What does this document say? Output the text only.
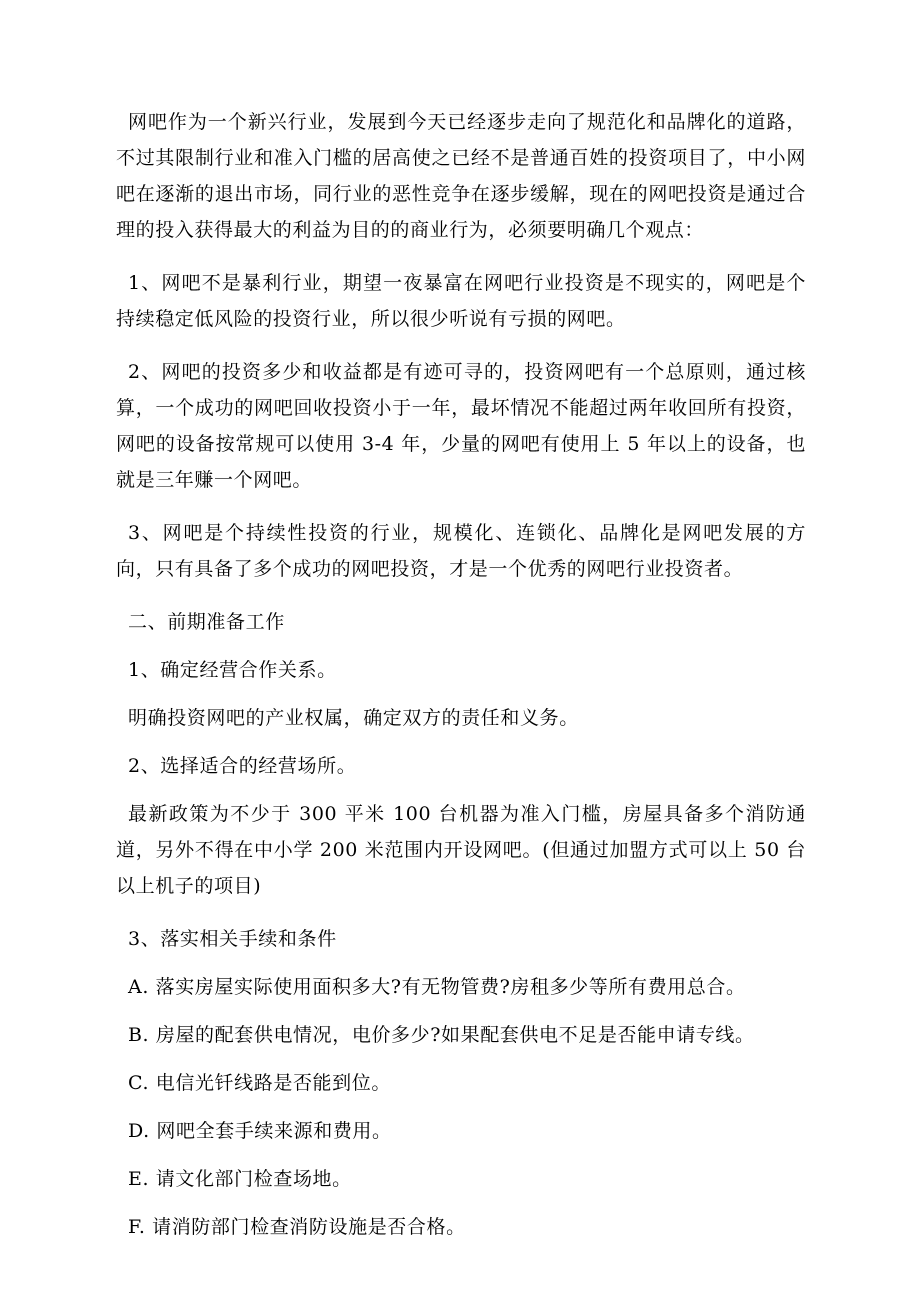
网吧作为一个新兴行业，发展到今天已经逐步走向了规范化和品牌化的道路，不过其限制行业和准入门槛的居高使之已经不是普通百姓的投资项目了，中小网吧在逐渐的退出市场，同行业的恶性竞争在逐步缓解，现在的网吧投资是通过合理的投入获得最大的利益为目的的商业行为，必须要明确几个观点：

1、网吧不是暴利行业，期望一夜暴富在网吧行业投资是不现实的，网吧是个持续稳定低风险的投资行业，所以很少听说有亏损的网吧。

2、网吧的投资多少和收益都是有迹可寻的，投资网吧有一个总原则，通过核算，一个成功的网吧回收投资小于一年，最坏情况不能超过两年收回所有投资，网吧的设备按常规可以使用 3-4 年，少量的网吧有使用上 5 年以上的设备，也就是三年赚一个网吧。

3、网吧是个持续性投资的行业，规模化、连锁化、品牌化是网吧发展的方向，只有具备了多个成功的网吧投资，才是一个优秀的网吧行业投资者。

二、前期准备工作

1、确定经营合作关系。

明确投资网吧的产业权属，确定双方的责任和义务。

2、选择适合的经营场所。

最新政策为不少于 300 平米 100 台机器为准入门槛，房屋具备多个消防通道，另外不得在中小学 200 米范围内开设网吧。(但通过加盟方式可以上 50 台以上机子的项目)

3、落实相关手续和条件

A. 落实房屋实际使用面积多大?有无物管费?房租多少等所有费用总合。

B. 房屋的配套供电情况，电价多少?如果配套供电不足是否能申请专线。

C. 电信光钎线路是否能到位。

D. 网吧全套手续来源和费用。

E. 请文化部门检查场地。

F. 请消防部门检查消防设施是否合格。
